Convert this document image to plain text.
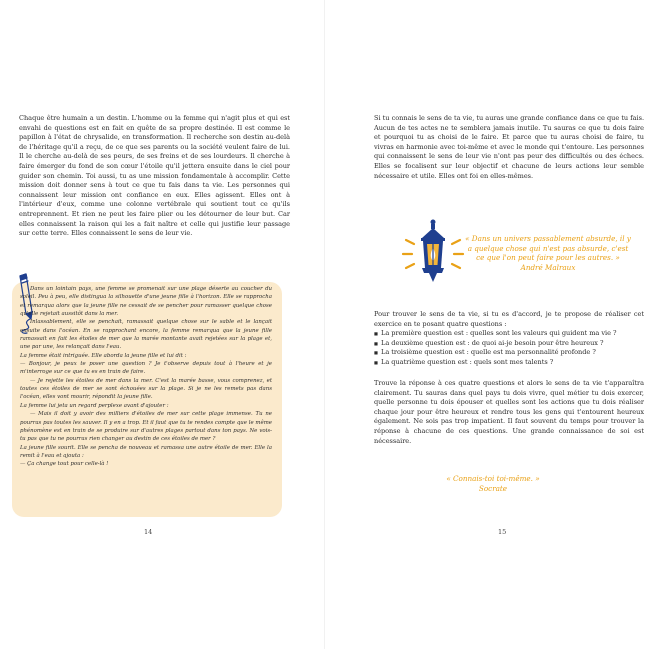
Chaque être humain a un destin. L'homme ou la femme qui n'agit plus et qui est envahi de questions est en fait en quête de sa propre destinée. Il est comme le papillon à l'état de chrysalide, en transformation. Il recherche son destin au-delà de l'héritage qu'il a reçu, de ce que ses parents ou la société veulent faire de lui. Il le cherche au-delà de ses peurs, de ses freins et de ses lourdeurs. Il cherche à faire émerger du fond de son cœur l'étoile qu'il jettera ensuite dans le ciel pour guider son chemin. Toi aussi, tu as une mission fondamentale à accomplir. Cette mission doit donner sens à tout ce que tu fais dans ta vie. Les personnes qui connaissent leur mission ont confiance en eux. Elles agissent. Elles ont à l'intérieur d'eux, comme une colonne vertébrale qui soutient tout ce qu'ils entreprennent. Et rien ne peut les faire plier ou les détourner de leur but. Car elles connaissent la raison qui les a fait naître et celle qui justifie leur passage sur cette terre. Elles connaissent le sens de leur vie.

Dans un lointain pays, une femme se promenait sur une plage déserte au coucher du soleil. Peu à peu, elle distingua la silhouette d'une jeune fille à l'horizon. Elle se rapprocha et remarqua alors que la jeune fille ne cessait de se pencher pour ramasser quelque chose qu'elle rejetait aussitôt dans la mer.

Inlassablement, elle se penchait, ramassait quelque chose sur le sable et le lançait ensuite dans l'océan. En se rapprochant encore, la femme remarqua que la jeune fille ramassait en fait les étoiles de mer que la marée montante avait rejetées sur la plage et, une par une, les relançait dans l'eau.

La femme était intriguée. Elle aborda la jeune fille et lui dit :

— Bonjour, je peux te poser une question ? Je t'observe depuis tout à l'heure et je m'interroge sur ce que tu es en train de faire.

— Je rejette les étoiles de mer dans la mer. C'est la marée basse, vous comprenez, et toutes ces étoiles de mer se sont échouées sur la plage. Si je ne les remets pas dans l'océan, elles vont mourir, répondit la jeune fille.

La femme lui jeta un regard perplexe avant d'ajouter :

— Mais il doit y avoir des milliers d'étoiles de mer sur cette plage immense. Tu ne pourras pas toutes les sauver. Il y en a trop. Et il faut que tu te rendes compte que le même phénomène est en train de se produire sur d'autres plages partout dans ton pays. Ne vois-tu pas que tu ne pourras rien changer au destin de ces étoiles de mer ?

La jeune fille sourit. Elle se pencha de nouveau et ramassa une autre étoile de mer. Elle la remit à l'eau et ajouta :

— Ça change tout pour celle-là !

14

Si tu connais le sens de ta vie, tu auras une grande confiance dans ce que tu fais. Aucun de tes actes ne te semblera jamais inutile. Tu sauras ce que tu dois faire et pourquoi tu as choisi de le faire. Et parce que tu auras choisi de faire, tu vivras en harmonie avec toi-même et avec le monde qui t'entoure. Les personnes qui connaissent le sens de leur vie n'ont pas peur des difficultés ou des échecs. Elles se focalisent sur leur objectif et chacune de leurs actions leur semble nécessaire et utile. Elles ont foi en elles-mêmes.

« Dans un univers passablement absurde, il y a quelque chose qui n'est pas absurde, c'est ce que l'on peut faire pour les autres. »
André Malraux
Pour trouver le sens de ta vie, si tu es d'accord, je te propose de réaliser cet exercice en te posant quatre questions :
■ La première question est : quelles sont les valeurs qui guident ma vie ?
■ La deuxième question est : de quoi ai-je besoin pour être heureux ?
■ La troisième question est : quelle est ma personnalité profonde ?
■ La quatrième question est : quels sont mes talents ?

Trouve la réponse à ces quatre questions et alors le sens de ta vie t'apparaîtra clairement. Tu sauras dans quel pays tu dois vivre, quel métier tu dois exercer, quelle personne tu dois épouser et quelles sont les actions que tu dois réaliser chaque jour pour être heureux et rendre tous les gens qui t'entourent heureux également. Ne sois pas trop impatient. Il faut souvent du temps pour trouver la réponse à chacune de ces questions. Une grande connaissance de soi est nécessaire.

« Connais-toi toi-même. »
Socrate
15
